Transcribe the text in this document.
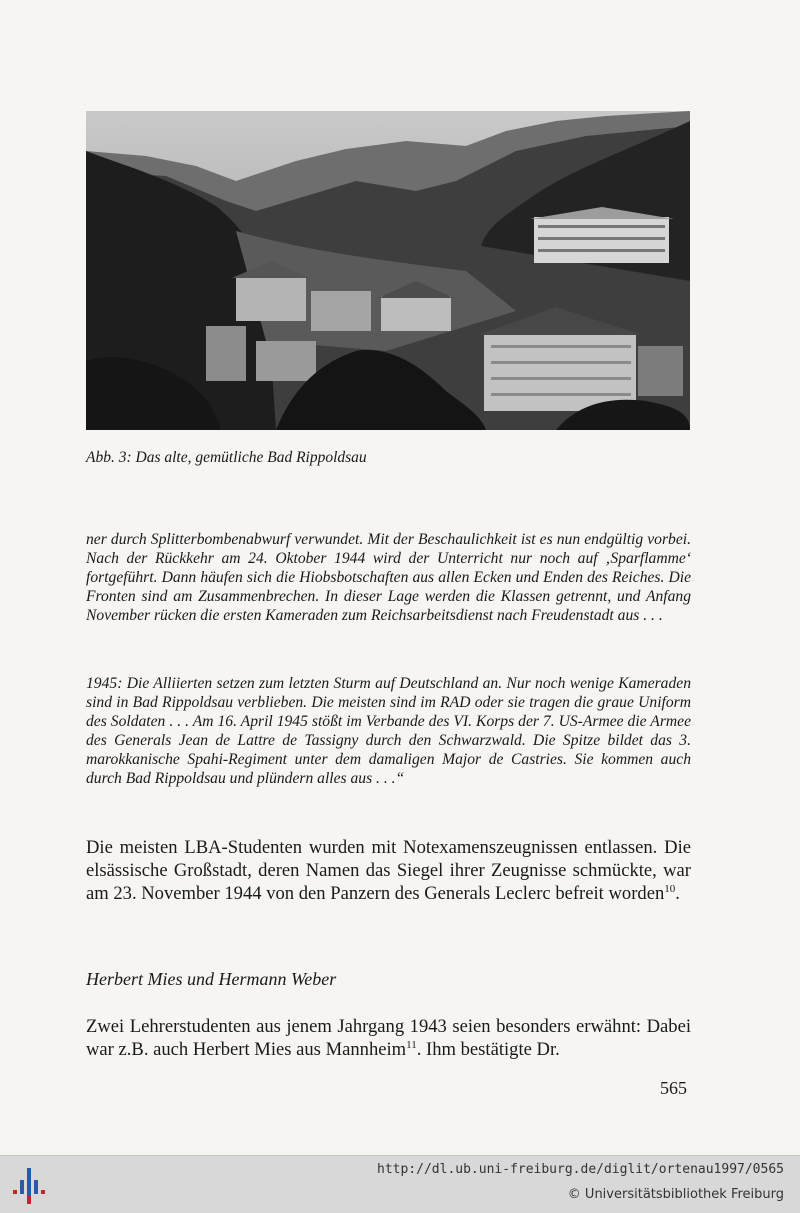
Abb. 3: Das alte, gemütliche Bad Rippoldsau

ner durch Splitterbombenabwurf verwundet. Mit der Beschaulichkeit ist es nun endgültig vorbei. Nach der Rückkehr am 24. Oktober 1944 wird der Unterricht nur noch auf ‚Sparflamme‘ fortgeführt. Dann häufen sich die Hiobsbotschaften aus allen Ecken und Enden des Reiches. Die Fronten sind am Zusammenbrechen. In dieser Lage werden die Klassen getrennt, und Anfang November rücken die ersten Kameraden zum Reichsarbeitsdienst nach Freudenstadt aus . . .

1945: Die Alliierten setzen zum letzten Sturm auf Deutschland an. Nur noch wenige Kameraden sind in Bad Rippoldsau verblieben. Die meisten sind im RAD oder sie tragen die graue Uniform des Soldaten . . . Am 16. April 1945 stößt im Verbande des VI. Korps der 7. US-Armee die Armee des Generals Jean de Lattre de Tassigny durch den Schwarzwald. Die Spitze bildet das 3. marokkanische Spahi-Regiment unter dem damaligen Major de Castries. Sie kommen auch durch Bad Rippoldsau und plündern alles aus . . .“

Die meisten LBA-Studenten wurden mit Notexamenszeugnissen entlassen. Die elsässische Großstadt, deren Namen das Siegel ihrer Zeugnisse schmückte, war am 23. November 1944 von den Panzern des Generals Leclerc befreit worden$^{10}$.

Herbert Mies und Hermann Weber

Zwei Lehrerstudenten aus jenem Jahrgang 1943 seien besonders erwähnt: Dabei war z.B. auch Herbert Mies aus Mannheim$^{11}$. Ihm bestätigte Dr.

565
http://dl.ub.uni-freiburg.de/diglit/ortenau1997/0565
© Universitätsbibliothek Freiburg
